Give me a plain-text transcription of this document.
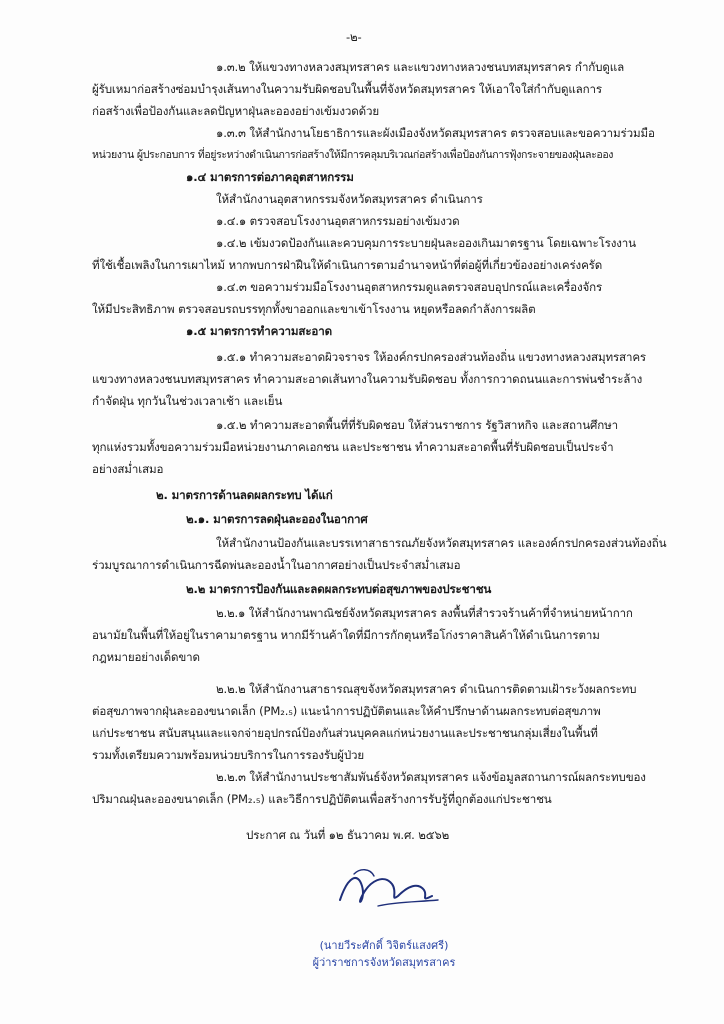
-๒-
๑.๓.๒ ให้แขวงทางหลวงสมุทรสาคร และแขวงทางหลวงชนบทสมุทรสาคร กำกับดูแล
ผู้รับเหมาก่อสร้างซ่อมบำรุงเส้นทางในความรับผิดชอบในพื้นที่จังหวัดสมุทรสาคร ให้เอาใจใส่กำกับดูแลการ
ก่อสร้างเพื่อป้องกันและลดปัญหาฝุ่นละอองอย่างเข้มงวดด้วย
๑.๓.๓ ให้สำนักงานโยธาธิการและผังเมืองจังหวัดสมุทรสาคร ตรวจสอบและขอความร่วมมือ
หน่วยงาน ผู้ประกอบการ ที่อยู่ระหว่างดำเนินการก่อสร้างให้มีการคลุมบริเวณก่อสร้างเพื่อป้องกันการฟุ้งกระจายของฝุ่นละออง
๑.๔ มาตรการต่อภาคอุตสาหกรรม
ให้สำนักงานอุตสาหกรรมจังหวัดสมุทรสาคร ดำเนินการ
๑.๔.๑ ตรวจสอบโรงงานอุตสาหกรรมอย่างเข้มงวด
๑.๔.๒ เข้มงวดป้องกันและควบคุมการระบายฝุ่นละอองเกินมาตรฐาน โดยเฉพาะโรงงาน
ที่ใช้เชื้อเพลิงในการเผาไหม้ หากพบการฝ่าฝืนให้ดำเนินการตามอำนาจหน้าที่ต่อผู้ที่เกี่ยวข้องอย่างเคร่งครัด
๑.๔.๓ ขอความร่วมมือโรงงานอุตสาหกรรมดูแลตรวจสอบอุปกรณ์และเครื่องจักร
ให้มีประสิทธิภาพ ตรวจสอบรถบรรทุกทั้งขาออกและขาเข้าโรงงาน หยุดหรือลดกำลังการผลิต
๑.๕ มาตรการทำความสะอาด
๑.๕.๑ ทำความสะอาดผิวจราจร ให้องค์กรปกครองส่วนท้องถิ่น แขวงทางหลวงสมุทรสาคร
แขวงทางหลวงชนบทสมุทรสาคร ทำความสะอาดเส้นทางในความรับผิดชอบ ทั้งการกวาดถนนและการพ่นชำระล้าง
กำจัดฝุ่น ทุกวันในช่วงเวลาเช้า และเย็น
๑.๕.๒ ทำความสะอาดพื้นที่ที่รับผิดชอบ ให้ส่วนราชการ รัฐวิสาหกิจ และสถานศึกษา
ทุกแห่งรวมทั้งขอความร่วมมือหน่วยงานภาคเอกชน และประชาชน ทำความสะอาดพื้นที่รับผิดชอบเป็นประจำ
อย่างสม่ำเสมอ
๒. มาตรการด้านลดผลกระทบ ได้แก่
๒.๑. มาตรการลดฝุ่นละอองในอากาศ
ให้สำนักงานป้องกันและบรรเทาสาธารณภัยจังหวัดสมุทรสาคร และองค์กรปกครองส่วนท้องถิ่น
ร่วมบูรณาการดำเนินการฉีดพ่นละอองน้ำในอากาศอย่างเป็นประจำสม่ำเสมอ
๒.๒ มาตรการป้องกันและลดผลกระทบต่อสุขภาพของประชาชน
๒.๒.๑ ให้สำนักงานพาณิชย์จังหวัดสมุทรสาคร ลงพื้นที่สำรวจร้านค้าที่จำหน่ายหน้ากาก
อนามัยในพื้นที่ให้อยู่ในราคามาตรฐาน หากมีร้านค้าใดที่มีการกักตุนหรือโก่งราคาสินค้าให้ดำเนินการตาม
กฎหมายอย่างเด็ดขาด
๒.๒.๒ ให้สำนักงานสาธารณสุขจังหวัดสมุทรสาคร ดำเนินการติดตามเฝ้าระวังผลกระทบ
ต่อสุขภาพจากฝุ่นละอองขนาดเล็ก (PM₂.₅) แนะนำการปฏิบัติตนและให้คำปรึกษาด้านผลกระทบต่อสุขภาพ
แก่ประชาชน สนับสนุนและแจกจ่ายอุปกรณ์ป้องกันส่วนบุคคลแก่หน่วยงานและประชาชนกลุ่มเสี่ยงในพื้นที่
รวมทั้งเตรียมความพร้อมหน่วยบริการในการรองรับผู้ป่วย
๒.๒.๓ ให้สำนักงานประชาสัมพันธ์จังหวัดสมุทรสาคร แจ้งข้อมูลสถานการณ์ผลกระทบของ
ปริมาณฝุ่นละอองขนาดเล็ก (PM₂.₅) และวิธีการปฏิบัติตนเพื่อสร้างการรับรู้ที่ถูกต้องแก่ประชาชน
ประกาศ ณ วันที่ ๑๒ ธันวาคม พ.ศ. ๒๕๖๒
(นายวีระศักดิ์ วิจิตร์แสงศรี)
ผู้ว่าราชการจังหวัดสมุทรสาคร
